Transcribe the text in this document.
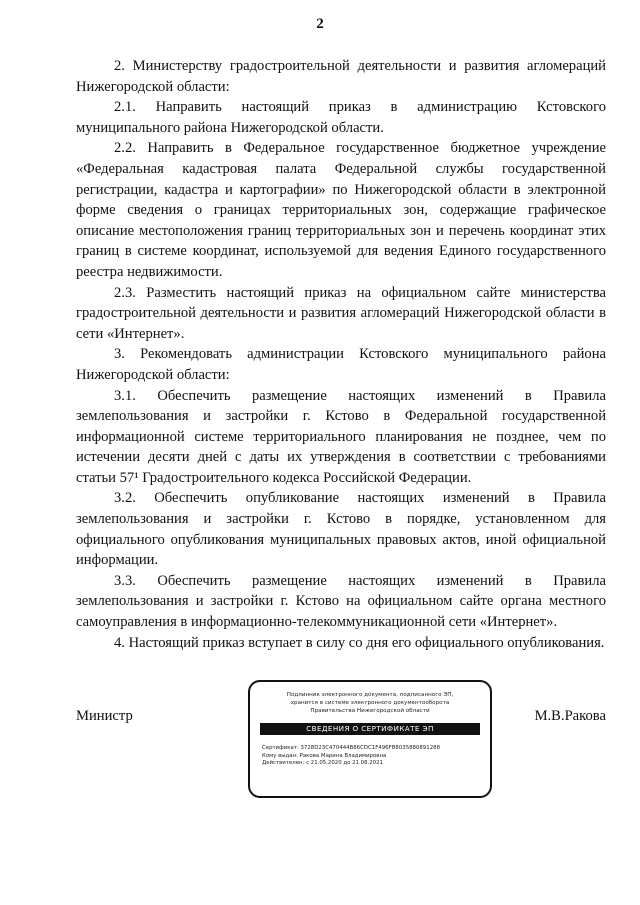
2

2. Министерству градостроительной деятельности и развития агломераций Нижегородской области:

2.1. Направить настоящий приказ в администрацию Кстовского муниципального района Нижегородской области.

2.2. Направить в Федеральное государственное бюджетное учреждение «Федеральная кадастровая палата Федеральной службы государственной регистрации, кадастра и картографии» по Нижегородской области в электронной форме сведения о границах территориальных зон, содержащие графическое описание местоположения границ территориальных зон и перечень координат этих границ в системе координат, используемой для ведения Единого государственного реестра недвижимости.

2.3. Разместить настоящий приказ на официальном сайте министерства градостроительной деятельности и развития агломераций Нижегородской области в сети «Интернет».

3. Рекомендовать администрации Кстовского муниципального района Нижегородской области:

3.1. Обеспечить размещение настоящих изменений в Правила землепользования и застройки г. Кстово в Федеральной государственной информационной системе территориального планирования не позднее, чем по истечении десяти дней с даты их утверждения в соответствии с требованиями статьи 57¹ Градостроительного кодекса Российской Федерации.

3.2. Обеспечить опубликование настоящих изменений в Правила землепользования и застройки г. Кстово в порядке, установленном для официального опубликования муниципальных правовых актов, иной официальной информации.

3.3. Обеспечить размещение настоящих изменений в Правила землепользования и застройки г. Кстово на официальном сайте органа местного самоуправления в информационно-телекоммуникационной сети «Интернет».

4. Настоящий приказ вступает в силу со дня его официального опубликования.

Министр
Подлинник электронного документа, подписанного ЭП,
хранится в системе электронного документооборота
Правительства Нижегородской области
СВЕДЕНИЯ О СЕРТИФИКАТЕ ЭП
Сертификат: 3728D23C470444B86CDC1F496FB8035880891288
Кому выдан: Ракова Марина Владимировна
Действителен: с 21.05.2020 до 21.08.2021
М.В.Ракова
